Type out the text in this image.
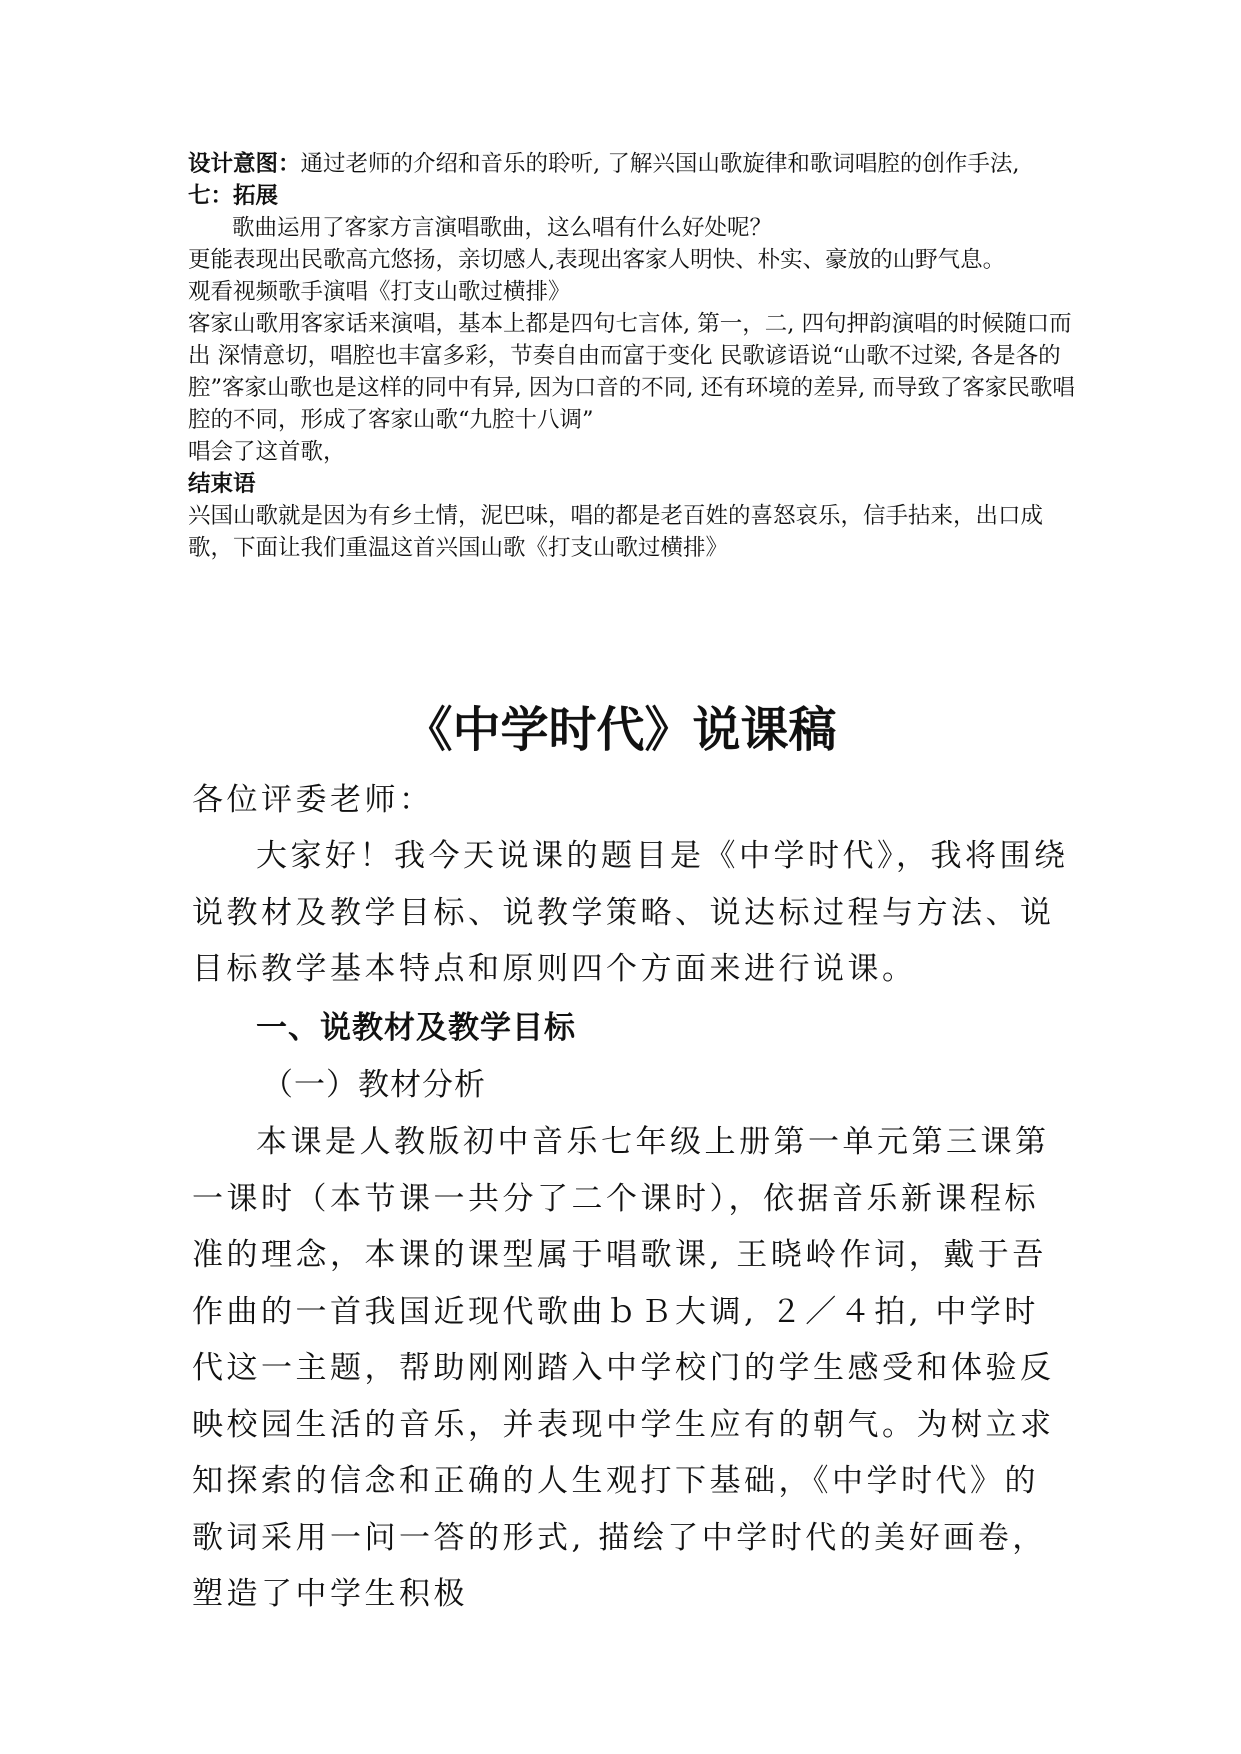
设计意图：通过老师的介绍和音乐的聆听, 了解兴国山歌旋律和歌词唱腔的创作手法,

七：拓展

歌曲运用了客家方言演唱歌曲，这么唱有什么好处呢？

更能表现出民歌高亢悠扬，亲切感人,表现出客家人明快、朴实、豪放的山野气息。

观看视频歌手演唱《打支山歌过横排》

客家山歌用客家话来演唱，基本上都是四句七言体, 第一，二, 四句押韵演唱的时候随口而出 深情意切，唱腔也丰富多彩，节奏自由而富于变化 民歌谚语说“山歌不过梁, 各是各的腔”客家山歌也是这样的同中有异, 因为口音的不同, 还有环境的差异, 而导致了客家民歌唱腔的不同，形成了客家山歌“九腔十八调”

唱会了这首歌，

结束语

兴国山歌就是因为有乡土情，泥巴味，唱的都是老百姓的喜怒哀乐，信手拈来，出口成歌，下面让我们重温这首兴国山歌《打支山歌过横排》

《中学时代》说课稿
各位评委老师：

大家好！我今天说课的题目是《中学时代》，我将围绕说教材及教学目标、说教学策略、说达标过程与方法、说目标教学基本特点和原则四个方面来进行说课。

一、说教材及教学目标
（一）教材分析

本课是人教版初中音乐七年级上册第一单元第三课第一课时（本节课一共分了二个课时），依据音乐新课程标准的理念，本课的课型属于唱歌课, 王晓岭作词，戴于吾作曲的一首我国近现代歌曲ｂＢ大调, ２／４拍, 中学时代这一主题，帮助刚刚踏入中学校门的学生感受和体验反映校园生活的音乐，并表现中学生应有的朝气。为树立求知探索的信念和正确的人生观打下基础，《中学时代》的歌词采用一问一答的形式, 描绘了中学时代的美好画卷，塑造了中学生积极
